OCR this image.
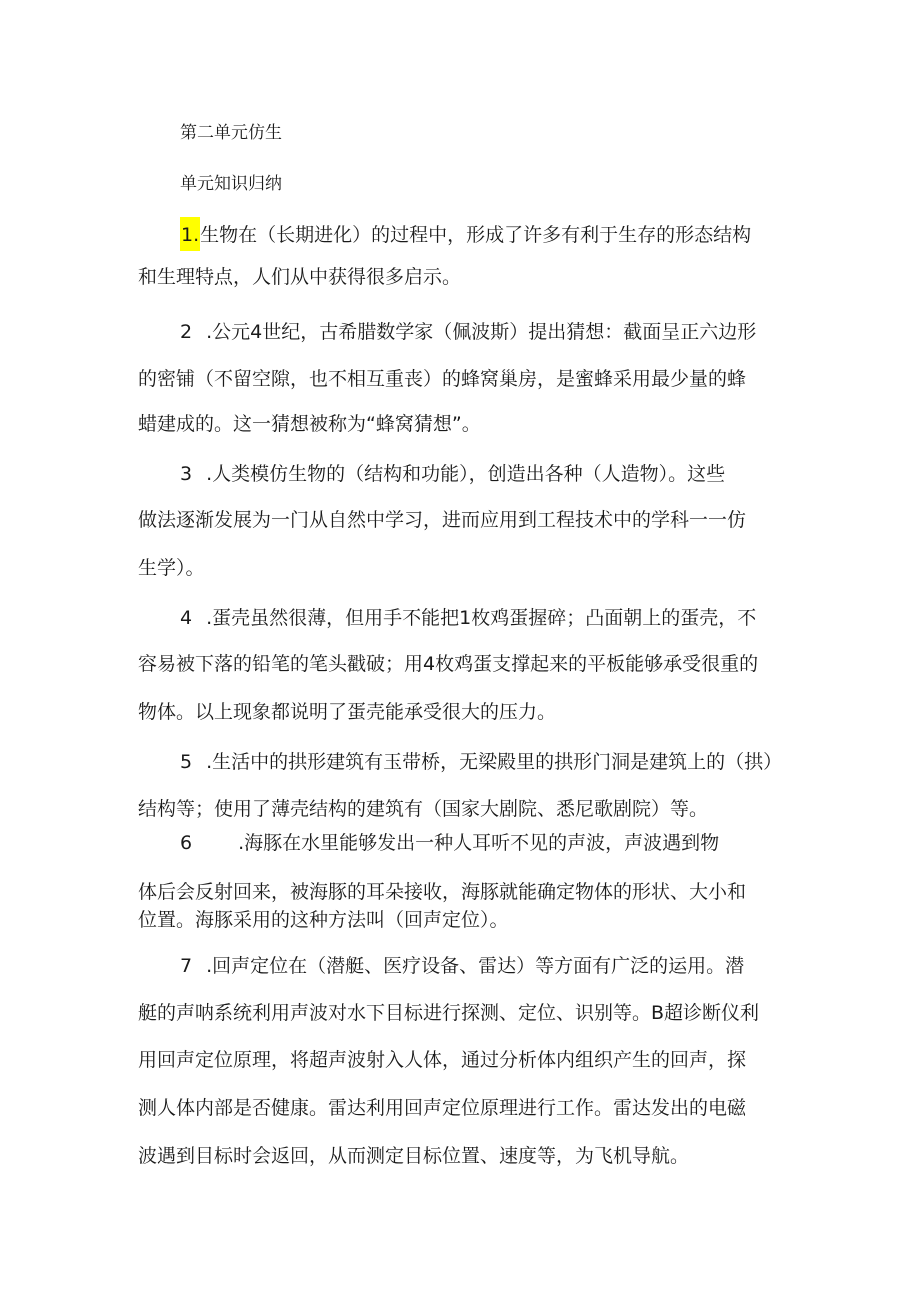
第二单元仿生
单元知识归纳
1.生物在（长期进化）的过程中，形成了许多有利于生存的形态结构
和生理特点，人们从中获得很多启示。
2 .公元4世纪，古希腊数学家（佩波斯）提出猜想：截面呈正六边形
的密铺（不留空隙，也不相互重丧）的蜂窝巢房，是蜜蜂采用最少量的蜂
蜡建成的。这一猜想被称为“蜂窝猜想”。
3 .人类模仿生物的（结构和功能），创造出各种（人造物）。这些
做法逐渐发展为一门从自然中学习，进而应用到工程技术中的学科一一仿
生学）。
4 .蛋壳虽然很薄，但用手不能把1枚鸡蛋握碎；凸面朝上的蛋壳，不
容易被下落的铅笔的笔头戳破；用4枚鸡蛋支撑起来的平板能够承受很重的
物体。以上现象都说明了蛋壳能承受很大的压力。
5 .生活中的拱形建筑有玉带桥，无梁殿里的拱形门洞是建筑上的（拱）
结构等；使用了薄壳结构的建筑有（国家大剧院、悉尼歌剧院）等。
6 .海豚在水里能够发出一种人耳听不见的声波，声波遇到物
体后会反射回来，被海豚的耳朵接收，海豚就能确定物体的形状、大小和
位置。海豚采用的这种方法叫（回声定位）。
7 .回声定位在（潜艇、医疗设备、雷达）等方面有广泛的运用。潜
艇的声呐系统利用声波对水下目标进行探测、定位、识别等。B超诊断仪利
用回声定位原理，将超声波射入人体，通过分析体内组织产生的回声，探
测人体内部是否健康。雷达利用回声定位原理进行工作。雷达发出的电磁
波遇到目标时会返回，从而测定目标位置、速度等，为飞机导航。
